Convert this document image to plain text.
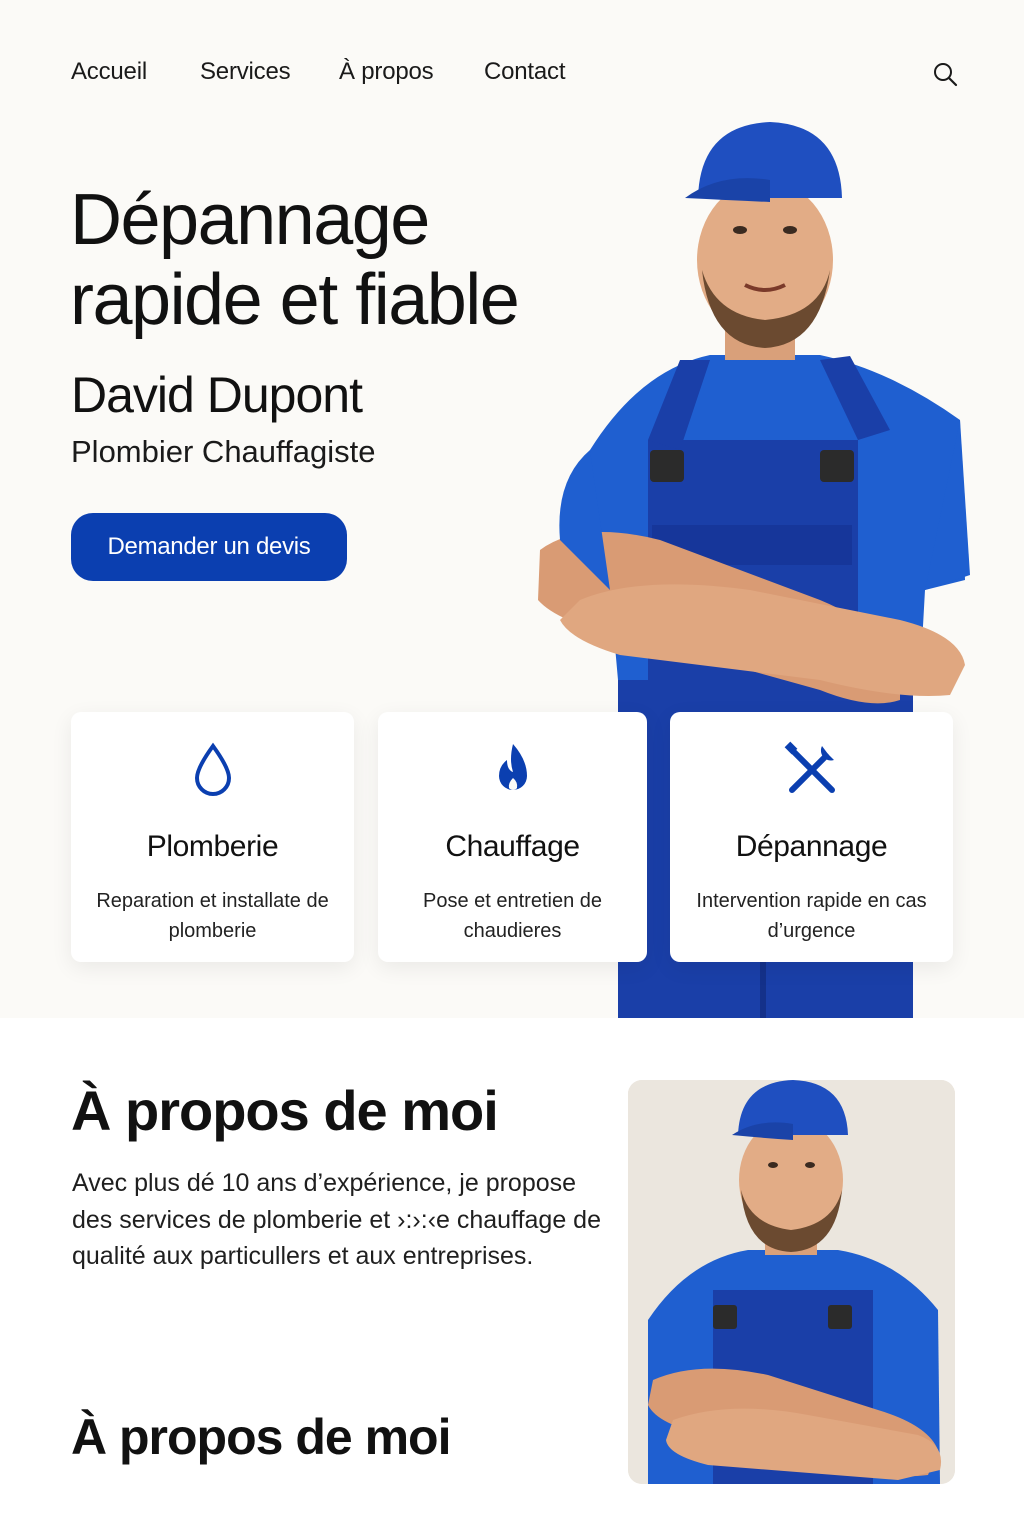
Accueil Services À propos Contact
Dépannage rapide et fiable
David Dupont
Plombier Chauffagiste
Demander un devis
Plomberie
Reparation et installate de plomberie
Chauffage
Pose et entretien de chaudieres
Dépannage
Intervention rapide en cas d’urgence
À propos de moi

Avec plus dé 10 ans d’expérience, je propose des services de plomberie et ›:›:‹e chauffage de qualité aux particullers et aux entreprises.

À propos de moi
